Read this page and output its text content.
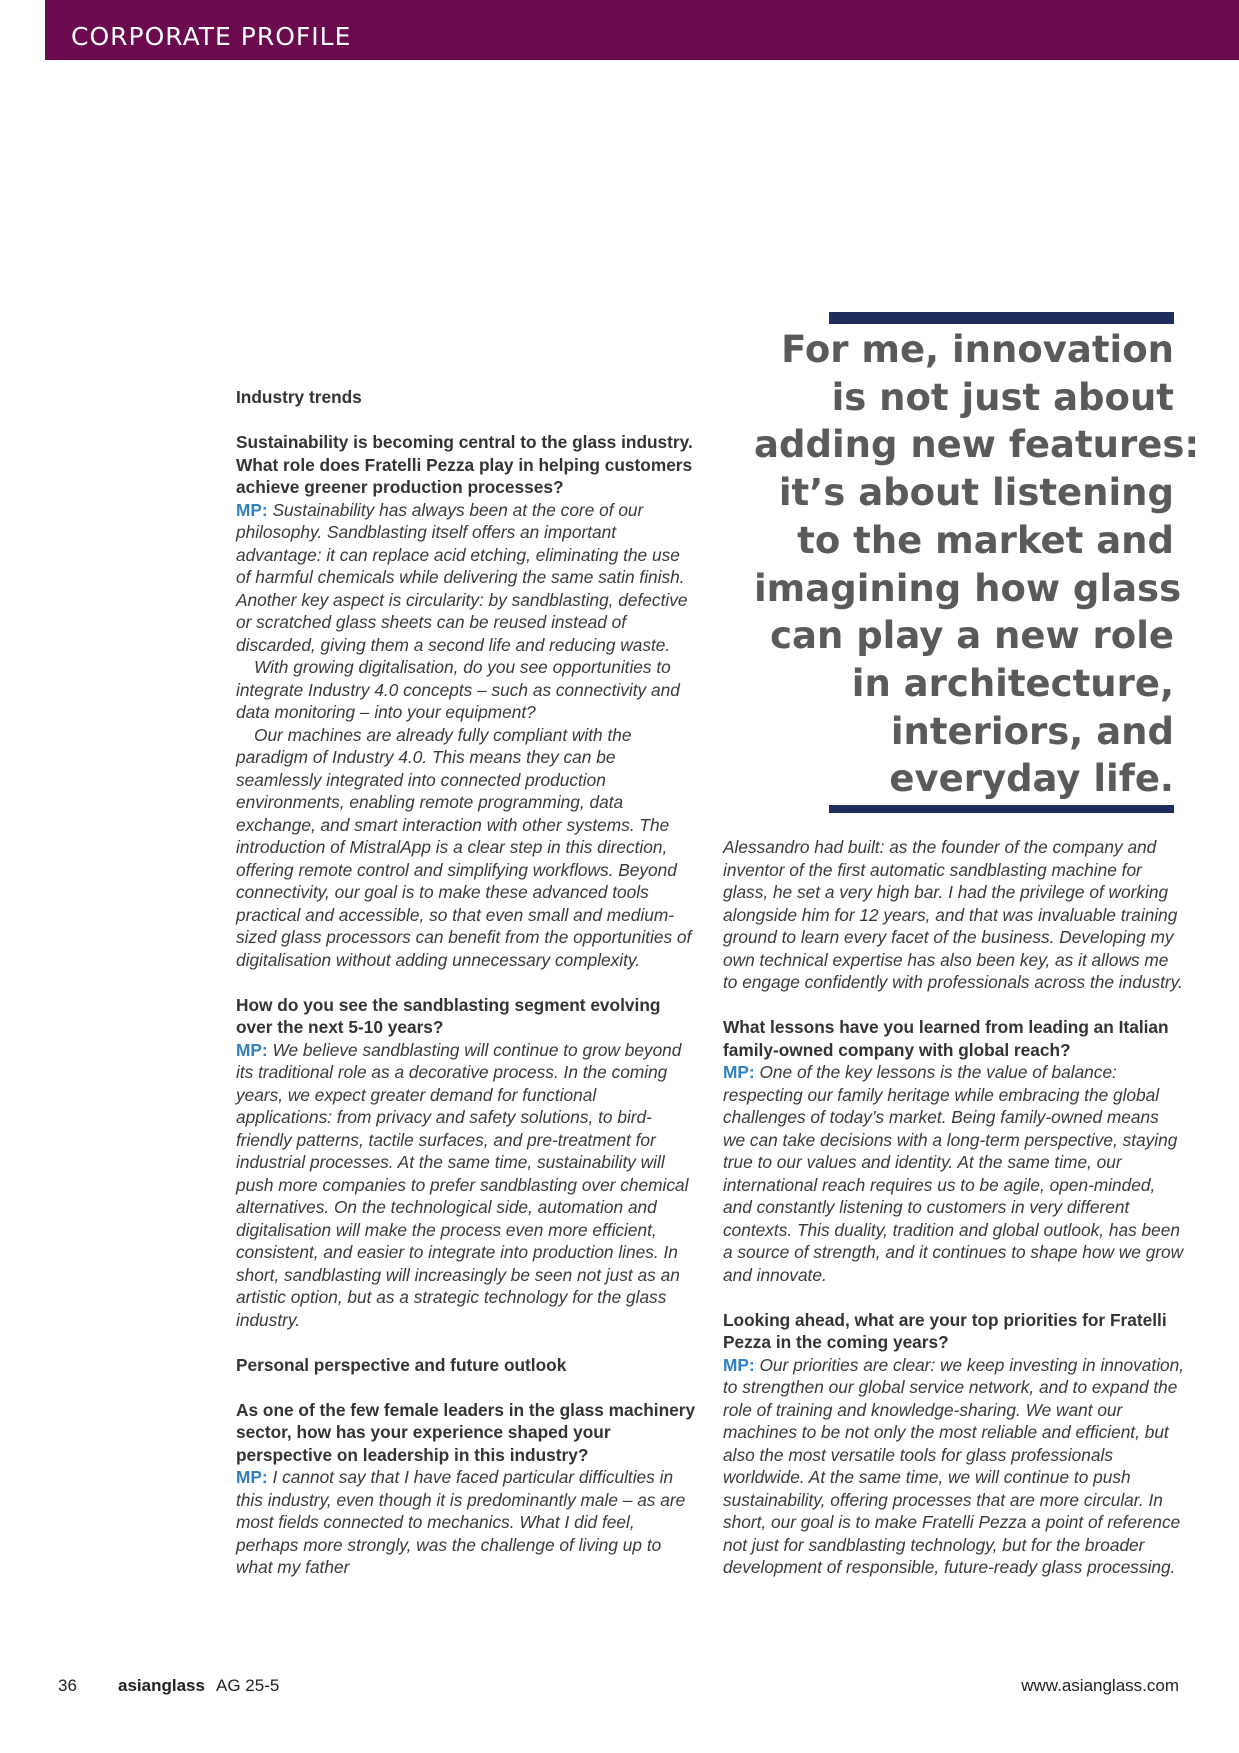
CORPORATE PROFILE
For me, innovation
is not just about
adding new features:
it’s about listening
to the market and
imagining how glass
can play a new role
in architecture,
interiors, and
everyday life.
Industry trends
Sustainability is becoming central to the glass industry. What role does Fratelli Pezza play in helping customers achieve greener production processes?

MP: Sustainability has always been at the core of our philosophy. Sandblasting itself offers an important advantage: it can replace acid etching, eliminating the use of harmful chemicals while delivering the same satin finish. Another key aspect is circularity: by sandblasting, defective or scratched glass sheets can be reused instead of discarded, giving them a second life and reducing waste.

With growing digitalisation, do you see opportunities to integrate Industry 4.0 concepts – such as connectivity and data monitoring – into your equipment?

Our machines are already fully compliant with the paradigm of Industry 4.0. This means they can be seamlessly integrated into connected production environments, enabling remote programming, data exchange, and smart interaction with other systems. The introduction of MistralApp is a clear step in this direction, offering remote control and simplifying workflows. Beyond connectivity, our goal is to make these advanced tools practical and accessible, so that even small and medium-sized glass processors can benefit from the opportunities of digitalisation without adding unnecessary complexity.

How do you see the sandblasting segment evolving over the next 5-10 years?

MP: We believe sandblasting will continue to grow beyond its traditional role as a decorative process. In the coming years, we expect greater demand for functional applications: from privacy and safety solutions, to bird-friendly patterns, tactile surfaces, and pre-treatment for industrial processes. At the same time, sustainability will push more companies to prefer sandblasting over chemical alternatives. On the technological side, automation and digitalisation will make the process even more efficient, consistent, and easier to integrate into production lines. In short, sandblasting will increasingly be seen not just as an artistic option, but as a strategic technology for the glass industry.

Personal perspective and future outlook
As one of the few female leaders in the glass machinery sector, how has your experience shaped your perspective on leadership in this industry?

MP: I cannot say that I have faced particular difficulties in this industry, even though it is predominantly male – as are most fields connected to mechanics. What I did feel, perhaps more strongly, was the challenge of living up to what my father

Alessandro had built: as the founder of the company and inventor of the first automatic sandblasting machine for glass, he set a very high bar. I had the privilege of working alongside him for 12 years, and that was invaluable training ground to learn every facet of the business. Developing my own technical expertise has also been key, as it allows me to engage confidently with professionals across the industry.

What lessons have you learned from leading an Italian family-owned company with global reach?

MP: One of the key lessons is the value of balance: respecting our family heritage while embracing the global challenges of today’s market. Being family-owned means we can take decisions with a long-term perspective, staying true to our values and identity. At the same time, our international reach requires us to be agile, open-minded, and constantly listening to customers in very different contexts. This duality, tradition and global outlook, has been a source of strength, and it continues to shape how we grow and innovate.

Looking ahead, what are your top priorities for Fratelli Pezza in the coming years?

MP: Our priorities are clear: we keep investing in innovation, to strengthen our global service network, and to expand the role of training and knowledge-sharing. We want our machines to be not only the most reliable and efficient, but also the most versatile tools for glass professionals worldwide. At the same time, we will continue to push sustainability, offering processes that are more circular. In short, our goal is to make Fratelli Pezza a point of reference not just for sandblasting technology, but for the broader development of responsible, future-ready glass processing.

36 asianglass AG 25-5	www.asianglass.com
